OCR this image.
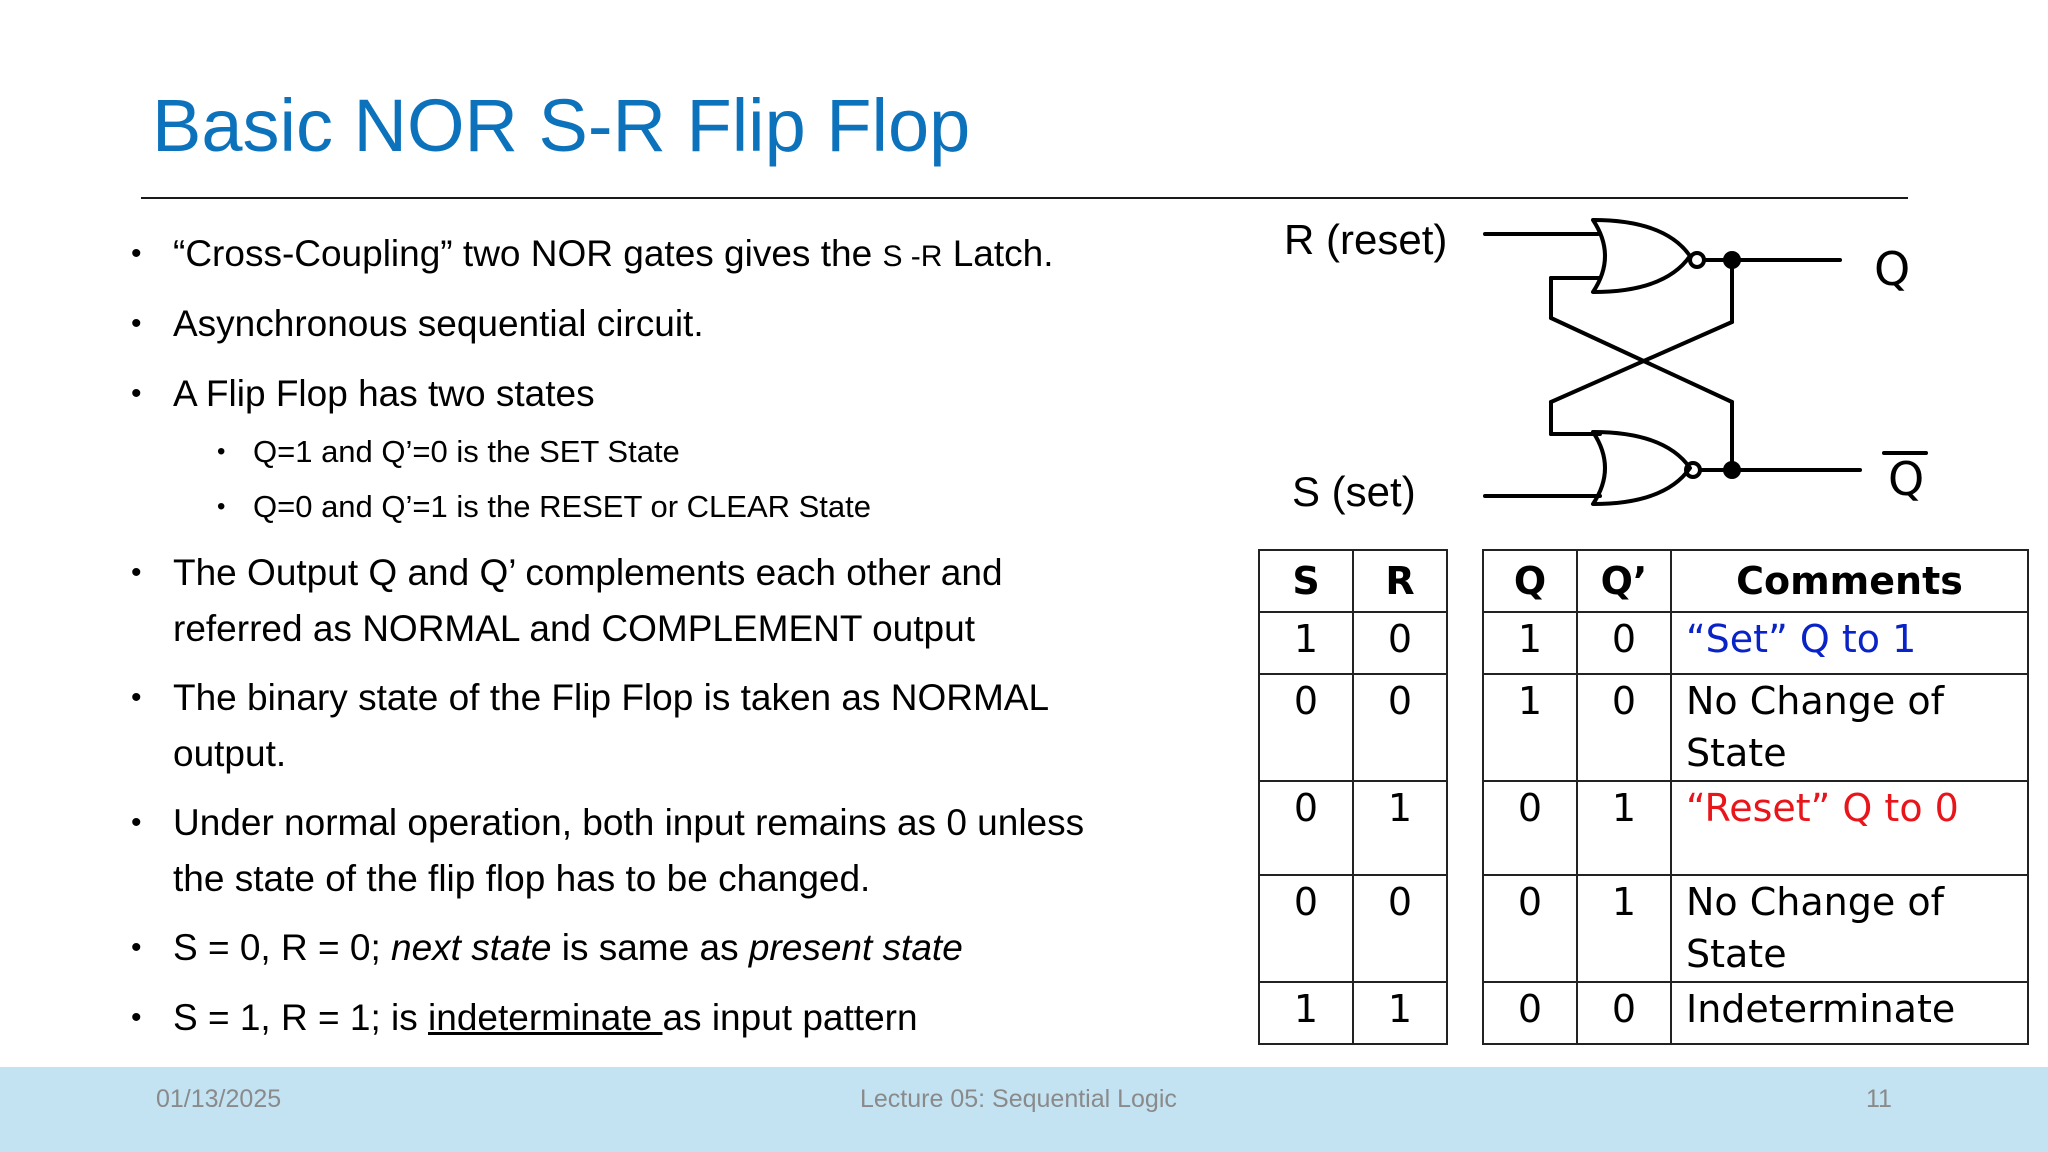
Basic NOR S-R Flip Flop
• “Cross-Coupling” two NOR gates gives the S -R Latch.
• Asynchronous sequential circuit.
• A Flip Flop has two states
• Q=1 and Q’=0 is the SET State
• Q=0 and Q’=1 is the RESET or CLEAR State
• The Output Q and Q’ complements each other and
referred as NORMAL and COMPLEMENT output
• The binary state of the Flip Flop is taken as NORMAL
output.
• Under normal operation, both input remains as 0 unless
the state of the flip flop has to be changed.
• S = 0, R = 0; next state is same as present state
• S = 1, R = 1; is indeterminate as input pattern
R (reset)
S (set)
Q
Q
S	R		Q	Q’	Comments
1	0		1	0	“Set” Q to 1
0	0		1	0	No Change of State
0	1		0	1	“Reset” Q to 0
0	0		0	1	No Change of State
1	1		0	0	Indeterminate
01/13/2025	Lecture 05: Sequential Logic	11
